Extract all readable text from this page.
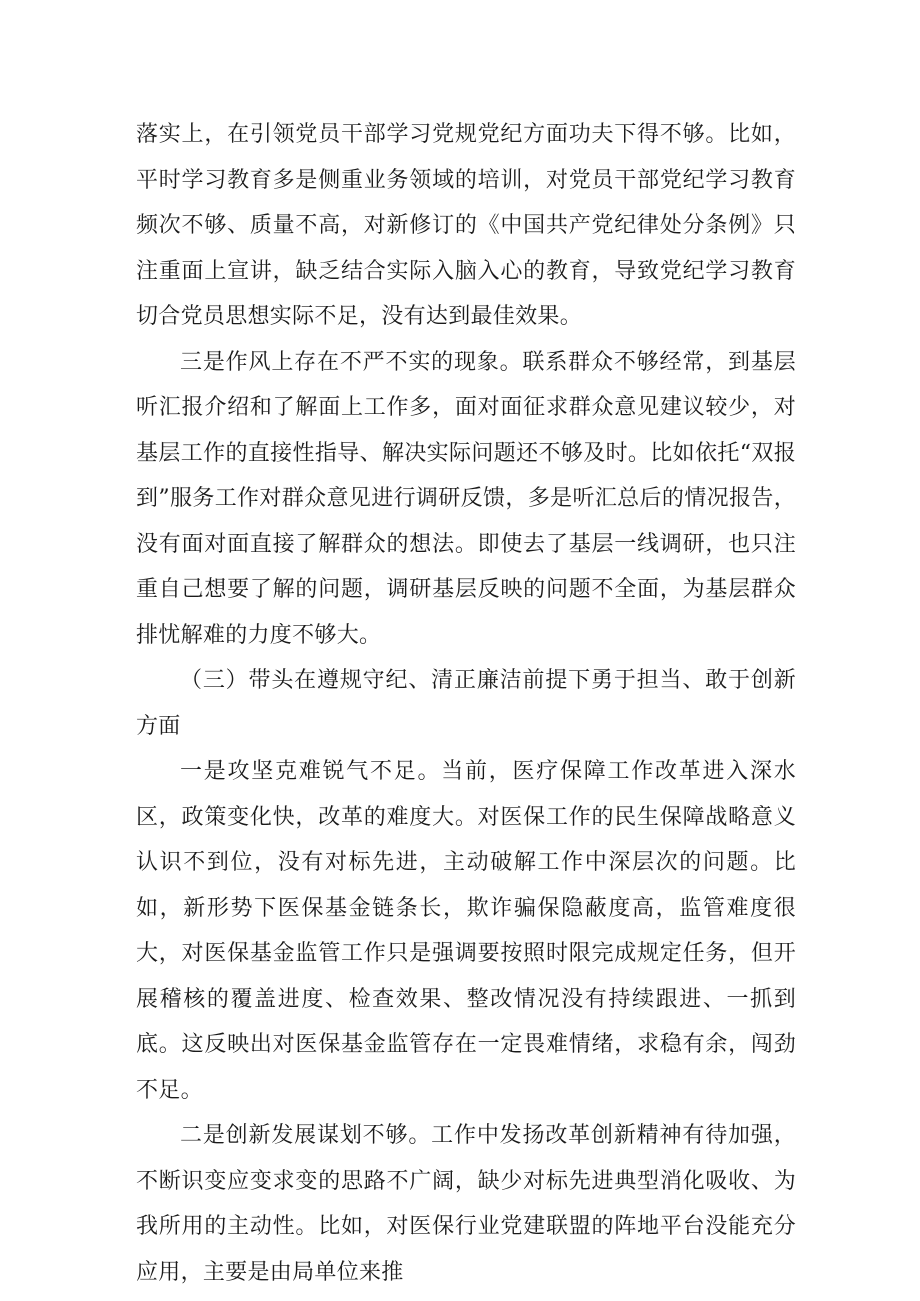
落实上，在引领党员干部学习党规党纪方面功夫下得不够。比如，平时学习教育多是侧重业务领域的培训，对党员干部党纪学习教育频次不够、质量不高，对新修订的《中国共产党纪律处分条例》只注重面上宣讲，缺乏结合实际入脑入心的教育，导致党纪学习教育切合党员思想实际不足，没有达到最佳效果。

三是作风上存在不严不实的现象。联系群众不够经常，到基层听汇报介绍和了解面上工作多，面对面征求群众意见建议较少，对基层工作的直接性指导、解决实际问题还不够及时。比如依托“双报到”服务工作对群众意见进行调研反馈，多是听汇总后的情况报告，没有面对面直接了解群众的想法。即使去了基层一线调研，也只注重自己想要了解的问题，调研基层反映的问题不全面，为基层群众排忧解难的力度不够大。

（三）带头在遵规守纪、清正廉洁前提下勇于担当、敢于创新方面

一是攻坚克难锐气不足。当前，医疗保障工作改革进入深水区，政策变化快，改革的难度大。对医保工作的民生保障战略意义认识不到位，没有对标先进，主动破解工作中深层次的问题。比如，新形势下医保基金链条长，欺诈骗保隐蔽度高，监管难度很大，对医保基金监管工作只是强调要按照时限完成规定任务，但开展稽核的覆盖进度、检查效果、整改情况没有持续跟进、一抓到底。这反映出对医保基金监管存在一定畏难情绪，求稳有余，闯劲不足。

二是创新发展谋划不够。工作中发扬改革创新精神有待加强，不断识变应变求变的思路不广阔，缺少对标先进典型消化吸收、为我所用的主动性。比如，对医保行业党建联盟的阵地平台没能充分应用，主要是由局单位来推
